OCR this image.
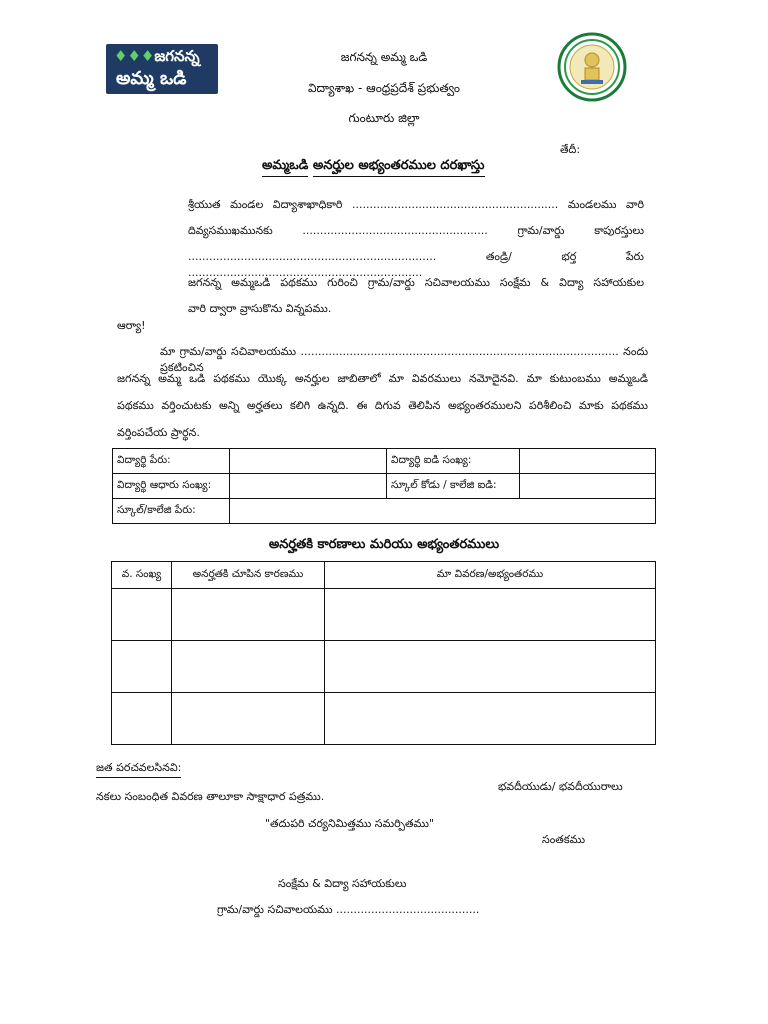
♦♦♦జగనన్న
అమ్మ ఒడి
జగనన్న అమ్మ ఒడి
విద్యాశాఖ - ఆంధ్రప్రదేశ్ ప్రభుత్వం
గుంటూరు జిల్లా
తేదీ:
అమ్మఒడి అనర్హుల అభ్యంతరముల దరఖాస్తు
శ్రీయుత మండల విద్యాశాఖాధికారి ........................................................... మండలము వారి
దివ్యసముఖమునకు	.....................................................	గ్రామ/వార్డు	కాపురస్తులు
.......................................................................	తండ్రి/ భర్త పేరు ...................................................................
జగనన్న అమ్మఒడి పథకము గురించి గ్రామ/వార్డు సచివాలయము సంక్షేమ & విద్యా సహాయకుల
వారి ద్వారా వ్రాసుకొను విన్నపము.
ఆర్యా!
మా గ్రామ/వార్డు సచివాలయము ........................................................................................... నందు ప్రకటించిన
జగనన్న అమ్మ ఒడి పథకము యొక్క అనర్హుల జాబితాలో మా వివరములు నమోదైనవి. మా కుటుంబము అమ్మఒడి
పథకము వర్తించుటకు అన్ని అర్హతలు కలిగి ఉన్నది. ఈ దిగువ తెలిపిన అభ్యంతరములని పరిశీలించి మాకు పథకము
వర్తింపచేయ ప్రార్థన.
విద్యార్థి పేరు:		విద్యార్థి ఐడి సంఖ్య:	
విద్యార్థి ఆధారు సంఖ్య:		స్కూల్ కోడు / కాలేజి ఐడి:	
స్కూల్/కాలేజి పేరు:			
అనర్హతకి కారణాలు మరియు అభ్యంతరములు
వ. సంఖ్య	అనర్హతకి చూపిన కారణము	మా వివరణ/అభ్యంతరము

జత పరచవలసినవి:
నకలు సంబంధిత వివరణ తాలూకా సాక్షాధార పత్రము.
భవదీయుడు/ భవదీయురాలు
"తదుపరి చర్యనిమిత్తము సమర్పితము"
సంతకము
సంక్షేమ & విద్యా సహాయకులు
గ్రామ/వార్డు సచివాలయము .........................................
